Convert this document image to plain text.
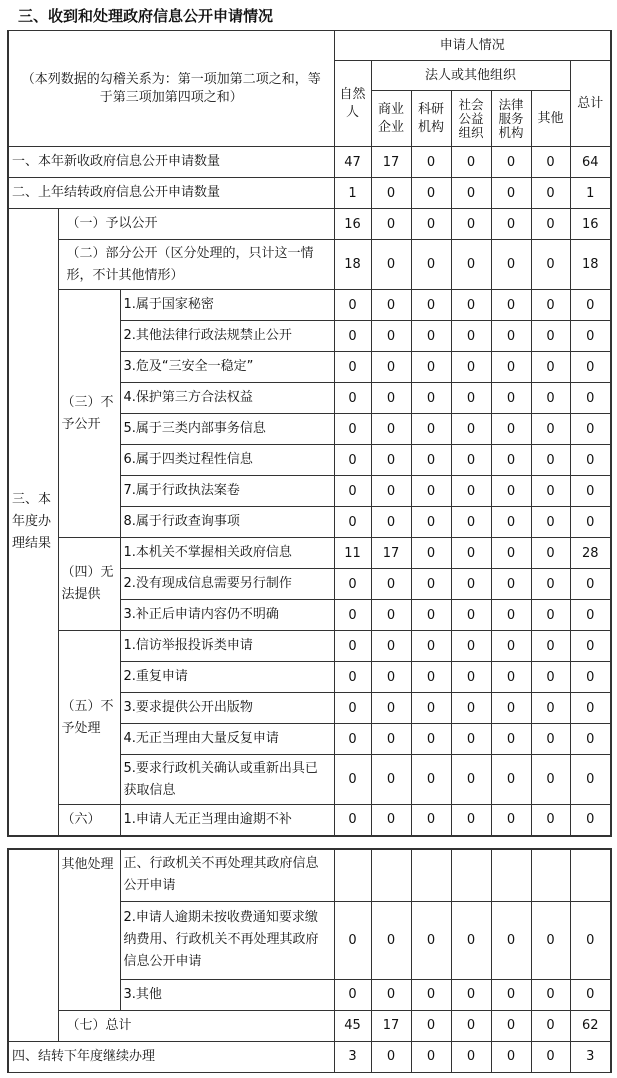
三、收到和处理政府信息公开申请情况
（本列数据的勾稽关系为：第一项加第二项之和，等于第三项加第四项之和）			申请人情况						
			自然人	法人或其他组织					总计
				商业企业	科研机构	社会公益组织	法律服务机构	其他	
一、本年新收政府信息公开申请数量			47	17	0	0	0	0	64
二、上年结转政府信息公开申请数量			1	0	0	0	0	0	1
三、本年度办理结果	（一）予以公开		16	0	0	0	0	0	16
	（二）部分公开（区分处理的，只计这一情形，不计其他情形）		18	0	0	0	0	0	18
	（三）不予公开	1.属于国家秘密	0	0	0	0	0	0	0
		2.其他法律行政法规禁止公开	0	0	0	0	0	0	0
		3.危及“三安全一稳定”	0	0	0	0	0	0	0
		4.保护第三方合法权益	0	0	0	0	0	0	0
		5.属于三类内部事务信息	0	0	0	0	0	0	0
		6.属于四类过程性信息	0	0	0	0	0	0	0
		7.属于行政执法案卷	0	0	0	0	0	0	0
		8.属于行政查询事项	0	0	0	0	0	0	0
	（四）无法提供	1.本机关不掌握相关政府信息	11	17	0	0	0	0	28
		2.没有现成信息需要另行制作	0	0	0	0	0	0	0
		3.补正后申请内容仍不明确	0	0	0	0	0	0	0
	（五）不予处理	1.信访举报投诉类申请	0	0	0	0	0	0	0
		2.重复申请	0	0	0	0	0	0	0
		3.要求提供公开出版物	0	0	0	0	0	0	0
		4.无正当理由大量反复申请	0	0	0	0	0	0	0
		5.要求行政机关确认或重新出具已获取信息	0	0	0	0	0	0	0
	（六）	1.申请人无正当理由逾期不补	0	0	0	0	0	0	0
	其他处理	正、行政机关不再处理其政府信息公开申请							
		2.申请人逾期未按收费通知要求缴纳费用、行政机关不再处理其政府信息公开申请	0	0	0	0	0	0	0
		3.其他	0	0	0	0	0	0	0
	（七）总计		45	17	0	0	0	0	62
四、结转下年度继续办理			3	0	0	0	0	0	3
